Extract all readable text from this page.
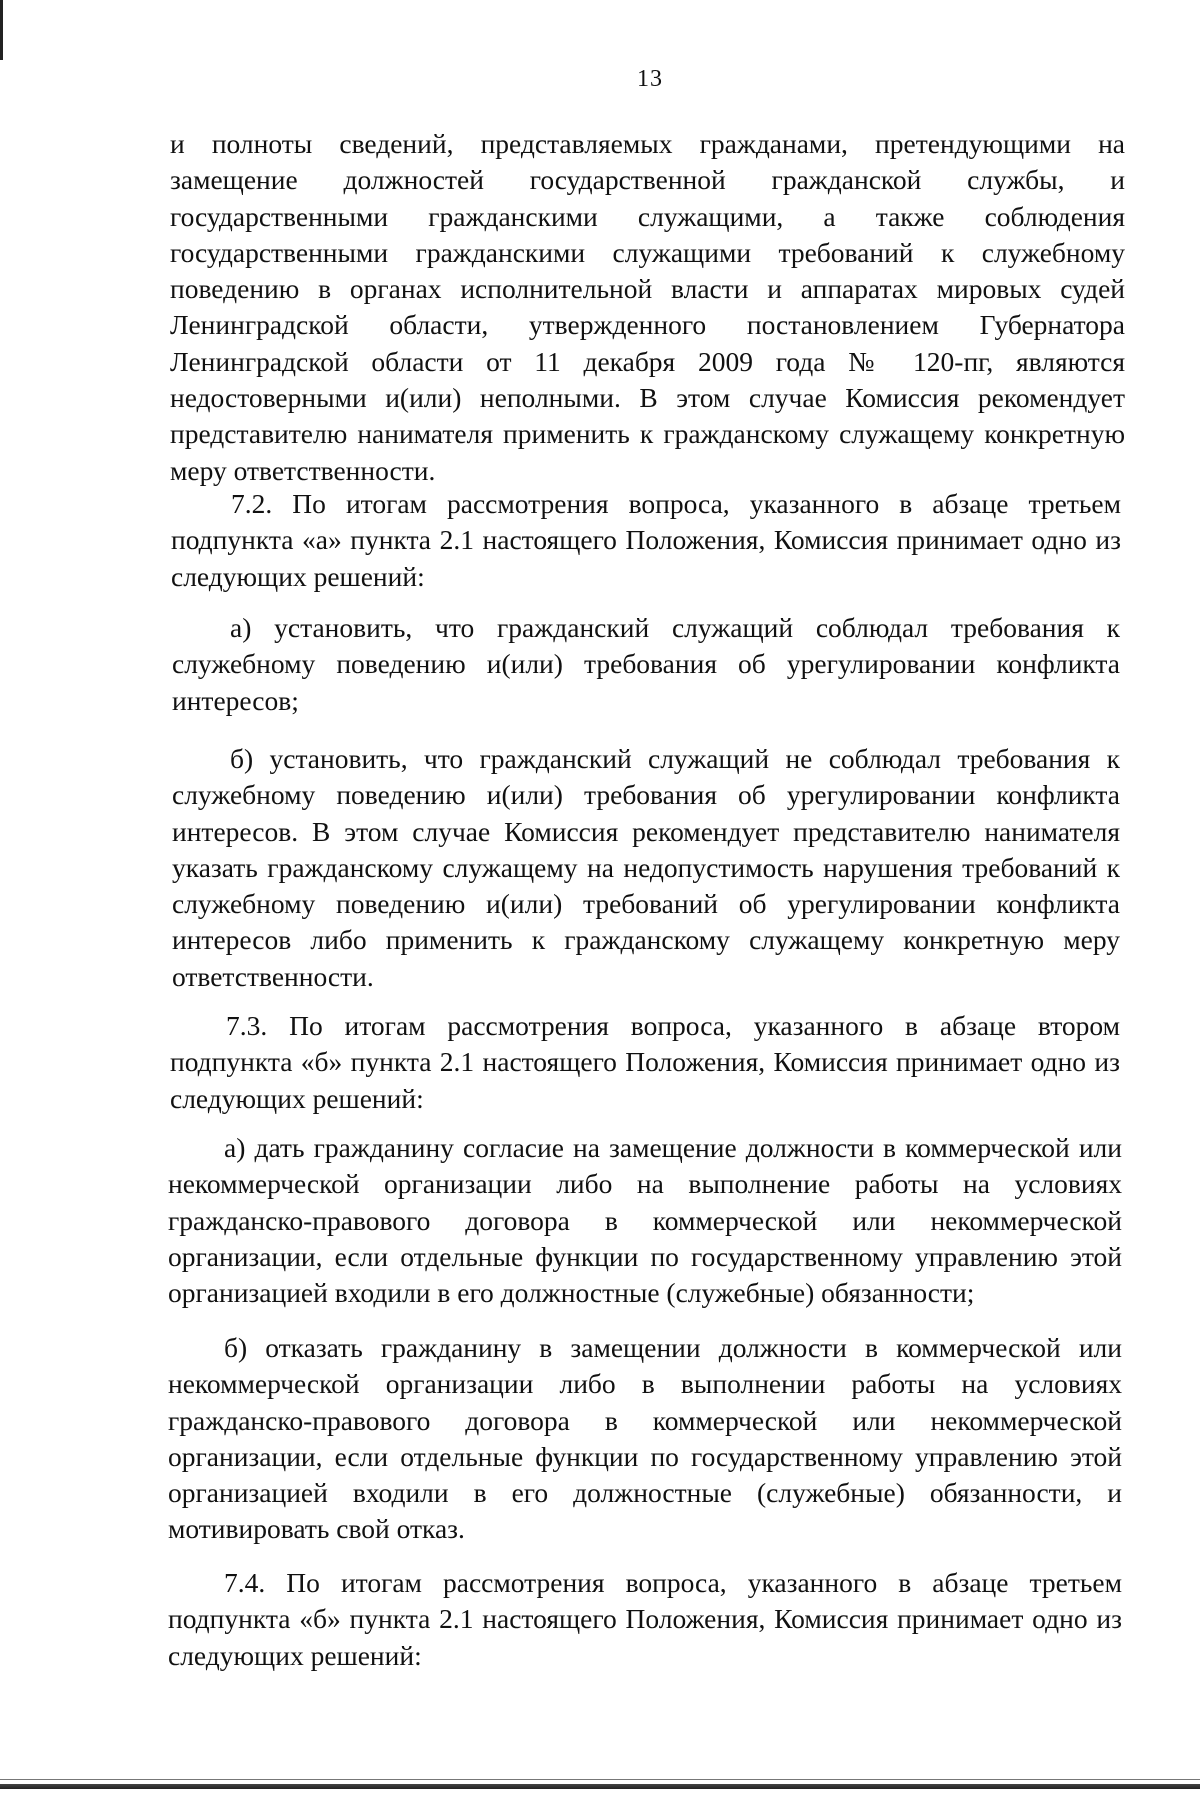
13

и полноты сведений, представляемых гражданами, претендующими на замещение должностей государственной гражданской службы, и государственными гражданскими служащими, а также соблюдения государственными гражданскими служащими требований к служебному поведению в органах исполнительной власти и аппаратах мировых судей Ленинградской области, утвержденного постановлением Губернатора Ленинградской области от 11 декабря 2009 года № 120-пг, являются недостоверными и(или) неполными. В этом случае Комиссия рекомендует представителю нанимателя применить к гражданскому служащему конкретную меру ответственности.

7.2. По итогам рассмотрения вопроса, указанного в абзаце третьем подпункта «а» пункта 2.1 настоящего Положения, Комиссия принимает одно из следующих решений:

а) установить, что гражданский служащий соблюдал требования к служебному поведению и(или) требования об урегулировании конфликта интересов;

б) установить, что гражданский служащий не соблюдал требования к служебному поведению и(или) требования об урегулировании конфликта интересов. В этом случае Комиссия рекомендует представителю нанимателя указать гражданскому служащему на недопустимость нарушения требований к служебному поведению и(или) требований об урегулировании конфликта интересов либо применить к гражданскому служащему конкретную меру ответственности.

7.3. По итогам рассмотрения вопроса, указанного в абзаце втором подпункта «б» пункта 2.1 настоящего Положения, Комиссия принимает одно из следующих решений:

а) дать гражданину согласие на замещение должности в коммерческой или некоммерческой организации либо на выполнение работы на условиях гражданско-правового договора в коммерческой или некоммерческой организации, если отдельные функции по государственному управлению этой организацией входили в его должностные (служебные) обязанности;

б) отказать гражданину в замещении должности в коммерческой или некоммерческой организации либо в выполнении работы на условиях гражданско-правового договора в коммерческой или некоммерческой организации, если отдельные функции по государственному управлению этой организацией входили в его должностные (служебные) обязанности, и мотивировать свой отказ.

7.4. По итогам рассмотрения вопроса, указанного в абзаце третьем подпункта «б» пункта 2.1 настоящего Положения, Комиссия принимает одно из следующих решений:
